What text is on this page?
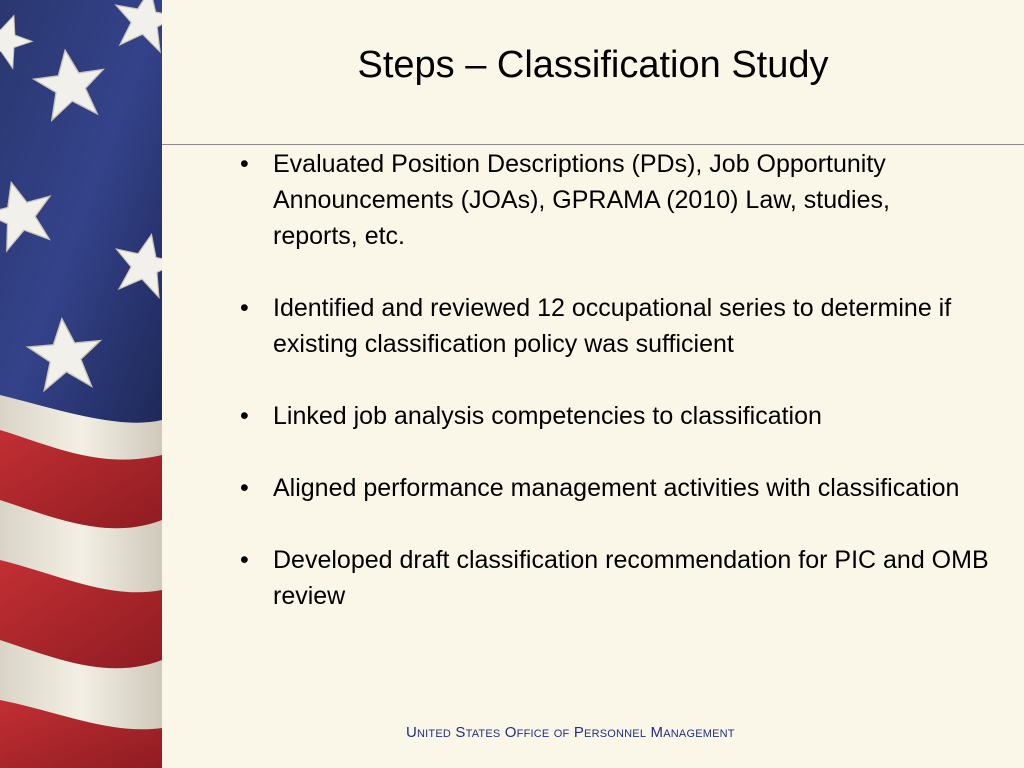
Steps – Classification Study
• Evaluated Position Descriptions (PDs), Job Opportunity Announcements (JOAs), GPRAMA (2010) Law, studies, reports, etc.
• Identified and reviewed 12 occupational series to determine if existing classification policy was sufficient
• Linked job analysis competencies to classification
• Aligned performance management activities with classification
• Developed draft classification recommendation for PIC and OMB review
United States Office of Personnel Management
